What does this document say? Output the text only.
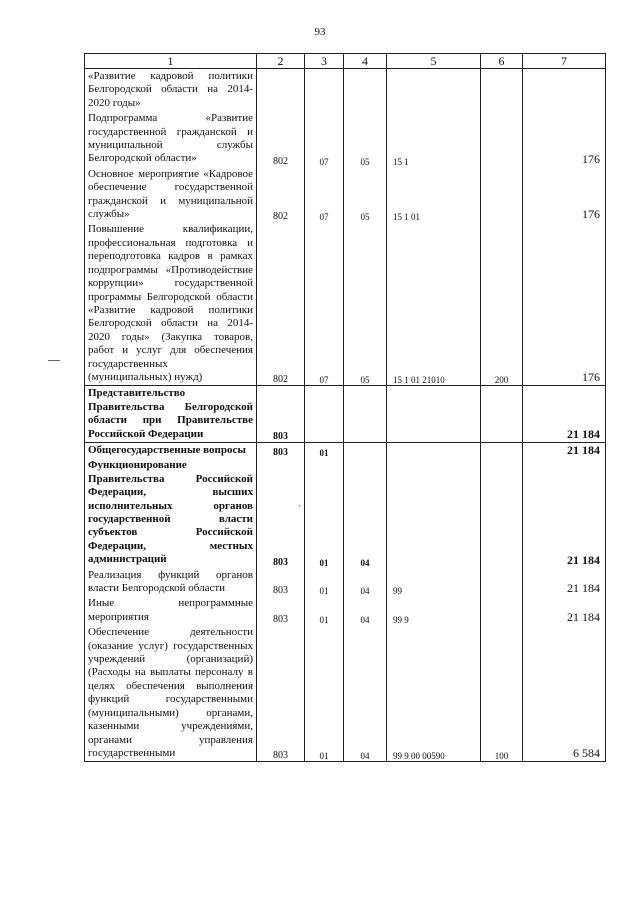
93
`
1	2	3	4	5	6	7
«Развитие кадровой политики Белгородской области на 2014-2020 годы»						
Подпрограмма «Развитие государственной гражданской и муниципальной службы Белгородской области»	802	07	05	15 1		176
Основное мероприятие «Кадровое обеспечение государственной гражданской и муниципальной службы»	802	07	05	15 1 01		176
Повышение квалификации, профессиональная подготовка и переподготовка кадров в рамках подпрограммы «Противодействие коррупции» государственной программы Белгородской области «Развитие кадровой политики Белгородской области на 2014-2020 годы» (Закупка товаров, работ и услуг для обеспечения государственных (муниципальных) нужд)	802	07	05	15 1 01 21010	200	176
Представительство Правительства Белгородской области при Правительстве Российской Федерации	803					21 184
Общегосударственные вопросы	803	01				21 184
Функционирование Правительства Российской Федерации, высших исполнительных органов государственной власти субъектов Российской Федерации, местных администраций	803	01	04			21 184
Реализация функций органов власти Белгородской области	803	01	04	99		21 184
Иные непрограммные мероприятия	803	01	04	99 9		21 184
Обеспечение деятельности (оказание услуг) государственных учреждений (организаций) (Расходы на выплаты персоналу в целях обеспечения выполнения функций государственными (муниципальными) органами, казенными учреждениями, органами управления государственными	803	01	04	99 9 00 00590	100	6 584
